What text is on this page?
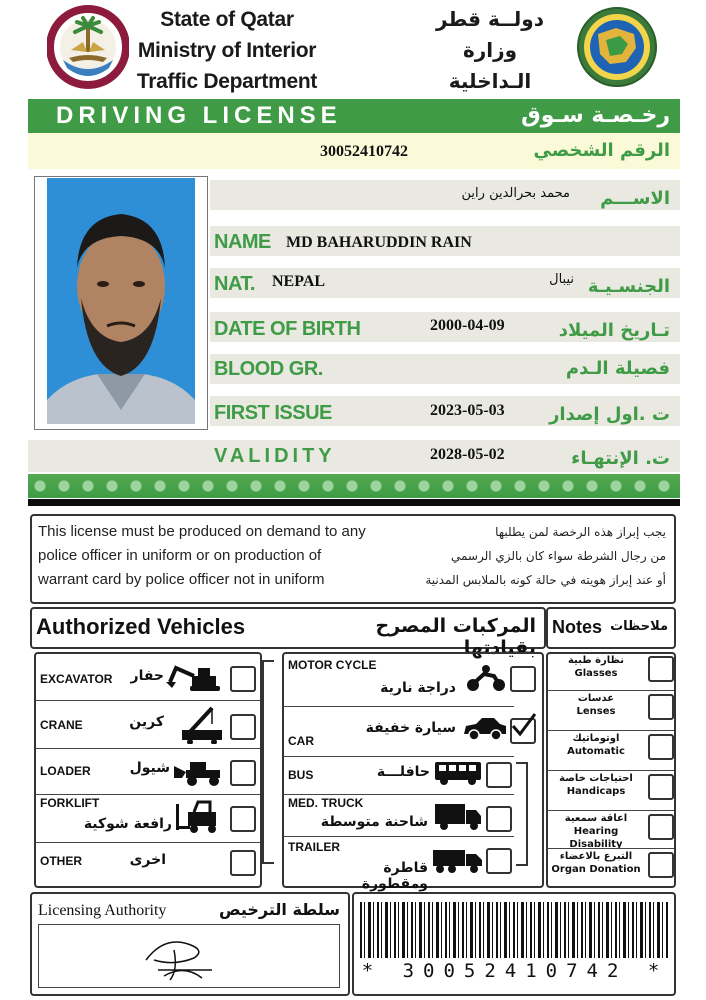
State of Qatar
Ministry of Interior
Traffic Department
دولــة قطر
وزارة الـداخلية
DRIVING LICENSE	رخـصـة سـوق
30052410742	الرقم الشخصي
محمد بحرالدين راين	الاســـم
NAME MD BAHARUDDIN RAIN
NAT. NEPAL	نيبال الجنسـيـة
DATE OF BIRTH	2000-04-09	تـاريخ الميلاد
BLOOD GR.	فصيلة الـدم
FIRST ISSUE	2023-05-03	ت .اول إصدار
VALIDITY	2028-05-02	ت. الإنتهـاء
This license must be produced on demand to any
police officer in uniform or on production of
warrant card by police officer not in uniform
يجب إبراز هذه الرخصة لمن يطلبها
من رجال الشرطة سواء كان بالزي الرسمي
أو عند إبراز هويته في حالة كونه بالملابس المدنية
Authorized Vehicles	المركبات المصرح بقيادتها
Notes ملاحظات
EXCAVATOR	حفار
CRANE	كرين
LOADER	شيول
FORKLIFT
رافعة شوكية
OTHER	اخرى
MOTOR CYCLE
دراجة نارية
CAR
سيارة خفيفة
BUS	حافلـــة
MED. TRUCK
شاحنة متوسطة
TRAILER
قاطرة ومقطورة
نظارة طبية
Glasses
عدسات
Lenses
اوتوماتيك
Automatic
احتياجات خاصة
Handicaps
اعاقة سمعية
Hearing Disability
التبرع بالاعضاء
Organ Donation
Licensing Authority	سلطة الترخيص
* 30052410742 *
